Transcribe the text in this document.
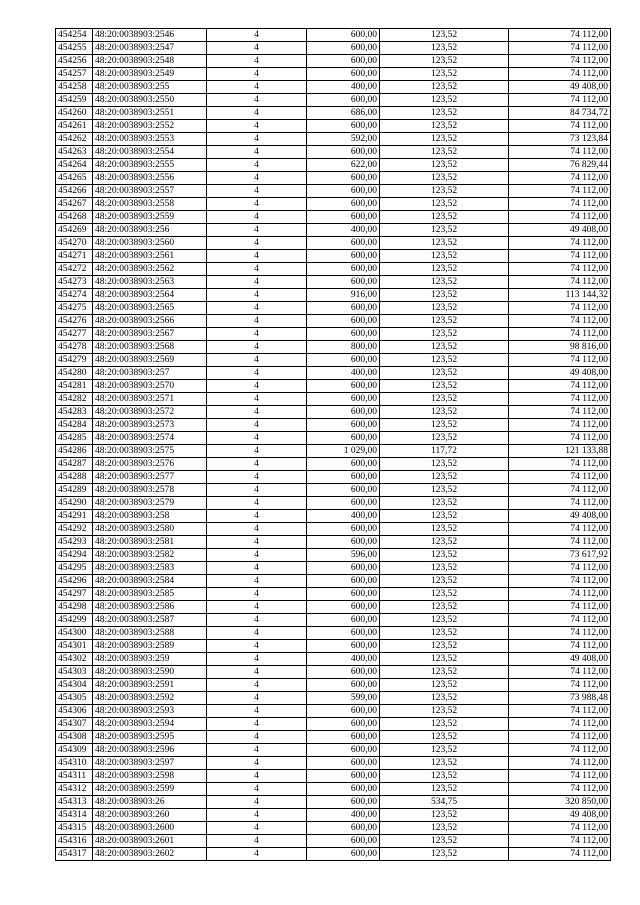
454254	48:20:0038903:2546	4	600,00	123,52	74 112,00
454255	48:20:0038903:2547	4	600,00	123,52	74 112,00
454256	48:20:0038903:2548	4	600,00	123,52	74 112,00
454257	48:20:0038903:2549	4	600,00	123,52	74 112,00
454258	48:20:0038903:255	4	400,00	123,52	49 408,00
454259	48:20:0038903:2550	4	600,00	123,52	74 112,00
454260	48:20:0038903:2551	4	686,00	123,52	84 734,72
454261	48:20:0038903:2552	4	600,00	123,52	74 112,00
454262	48:20:0038903:2553	4	592,00	123,52	73 123,84
454263	48:20:0038903:2554	4	600,00	123,52	74 112,00
454264	48:20:0038903:2555	4	622,00	123,52	76 829,44
454265	48:20:0038903:2556	4	600,00	123,52	74 112,00
454266	48:20:0038903:2557	4	600,00	123,52	74 112,00
454267	48:20:0038903:2558	4	600,00	123,52	74 112,00
454268	48:20:0038903:2559	4	600,00	123,52	74 112,00
454269	48:20:0038903:256	4	400,00	123,52	49 408,00
454270	48:20:0038903:2560	4	600,00	123,52	74 112,00
454271	48:20:0038903:2561	4	600,00	123,52	74 112,00
454272	48:20:0038903:2562	4	600,00	123,52	74 112,00
454273	48:20:0038903:2563	4	600,00	123,52	74 112,00
454274	48:20:0038903:2564	4	916,00	123,52	113 144,32
454275	48:20:0038903:2565	4	600,00	123,52	74 112,00
454276	48:20:0038903:2566	4	600,00	123,52	74 112,00
454277	48:20:0038903:2567	4	600,00	123,52	74 112,00
454278	48:20:0038903:2568	4	800,00	123,52	98 816,00
454279	48:20:0038903:2569	4	600,00	123,52	74 112,00
454280	48:20:0038903:257	4	400,00	123,52	49 408,00
454281	48:20:0038903:2570	4	600,00	123,52	74 112,00
454282	48:20:0038903:2571	4	600,00	123,52	74 112,00
454283	48:20:0038903:2572	4	600,00	123,52	74 112,00
454284	48:20:0038903:2573	4	600,00	123,52	74 112,00
454285	48:20:0038903:2574	4	600,00	123,52	74 112,00
454286	48:20:0038903:2575	4	1 029,00	117,72	121 133,88
454287	48:20:0038903:2576	4	600,00	123,52	74 112,00
454288	48:20:0038903:2577	4	600,00	123,52	74 112,00
454289	48:20:0038903:2578	4	600,00	123,52	74 112,00
454290	48:20:0038903:2579	4	600,00	123,52	74 112,00
454291	48:20:0038903:258	4	400,00	123,52	49 408,00
454292	48:20:0038903:2580	4	600,00	123,52	74 112,00
454293	48:20:0038903:2581	4	600,00	123,52	74 112,00
454294	48:20:0038903:2582	4	596,00	123,52	73 617,92
454295	48:20:0038903:2583	4	600,00	123,52	74 112,00
454296	48:20:0038903:2584	4	600,00	123,52	74 112,00
454297	48:20:0038903:2585	4	600,00	123,52	74 112,00
454298	48:20:0038903:2586	4	600,00	123,52	74 112,00
454299	48:20:0038903:2587	4	600,00	123,52	74 112,00
454300	48:20:0038903:2588	4	600,00	123,52	74 112,00
454301	48:20:0038903:2589	4	600,00	123,52	74 112,00
454302	48:20:0038903:259	4	400,00	123,52	49 408,00
454303	48:20:0038903:2590	4	600,00	123,52	74 112,00
454304	48:20:0038903:2591	4	600,00	123,52	74 112,00
454305	48:20:0038903:2592	4	599,00	123,52	73 988,48
454306	48:20:0038903:2593	4	600,00	123,52	74 112,00
454307	48:20:0038903:2594	4	600,00	123,52	74 112,00
454308	48:20:0038903:2595	4	600,00	123,52	74 112,00
454309	48:20:0038903:2596	4	600,00	123,52	74 112,00
454310	48:20:0038903:2597	4	600,00	123,52	74 112,00
454311	48:20:0038903:2598	4	600,00	123,52	74 112,00
454312	48:20:0038903:2599	4	600,00	123,52	74 112,00
454313	48:20:0038903:26	4	600,00	534,75	320 850,00
454314	48:20:0038903:260	4	400,00	123,52	49 408,00
454315	48:20:0038903:2600	4	600,00	123,52	74 112,00
454316	48:20:0038903:2601	4	600,00	123,52	74 112,00
454317	48:20:0038903:2602	4	600,00	123,52	74 112,00
